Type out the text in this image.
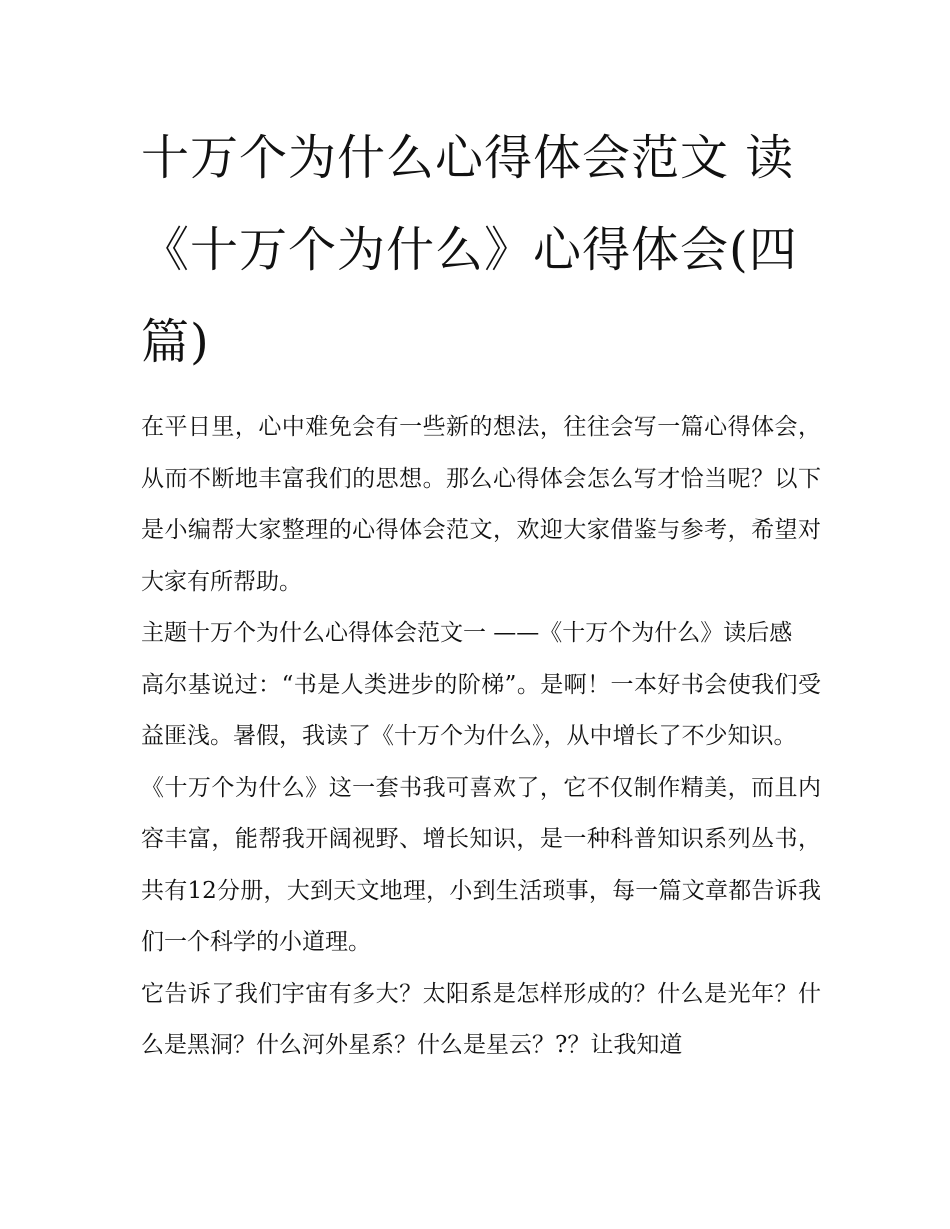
十万个为什么心得体会范文 读《十万个为什么》心得体会(四篇)

在平日里，心中难免会有一些新的想法，往往会写一篇心得体会，从而不断地丰富我们的思想。那么心得体会怎么写才恰当呢？以下是小编帮大家整理的心得体会范文，欢迎大家借鉴与参考，希望对大家有所帮助。

主题十万个为什么心得体会范文一 ——《十万个为什么》读后感

高尔基说过：“书是人类进步的阶梯”。是啊！一本好书会使我们受益匪浅。暑假，我读了《十万个为什么》，从中增长了不少知识。

《十万个为什么》这一套书我可喜欢了，它不仅制作精美，而且内容丰富，能帮我开阔视野、增长知识，是一种科普知识系列丛书，共有12分册，大到天文地理，小到生活琐事，每一篇文章都告诉我们一个科学的小道理。

它告诉了我们宇宙有多大？太阳系是怎样形成的？什么是光年？什么是黑洞？什么河外星系？什么是星云？?？让我知道
